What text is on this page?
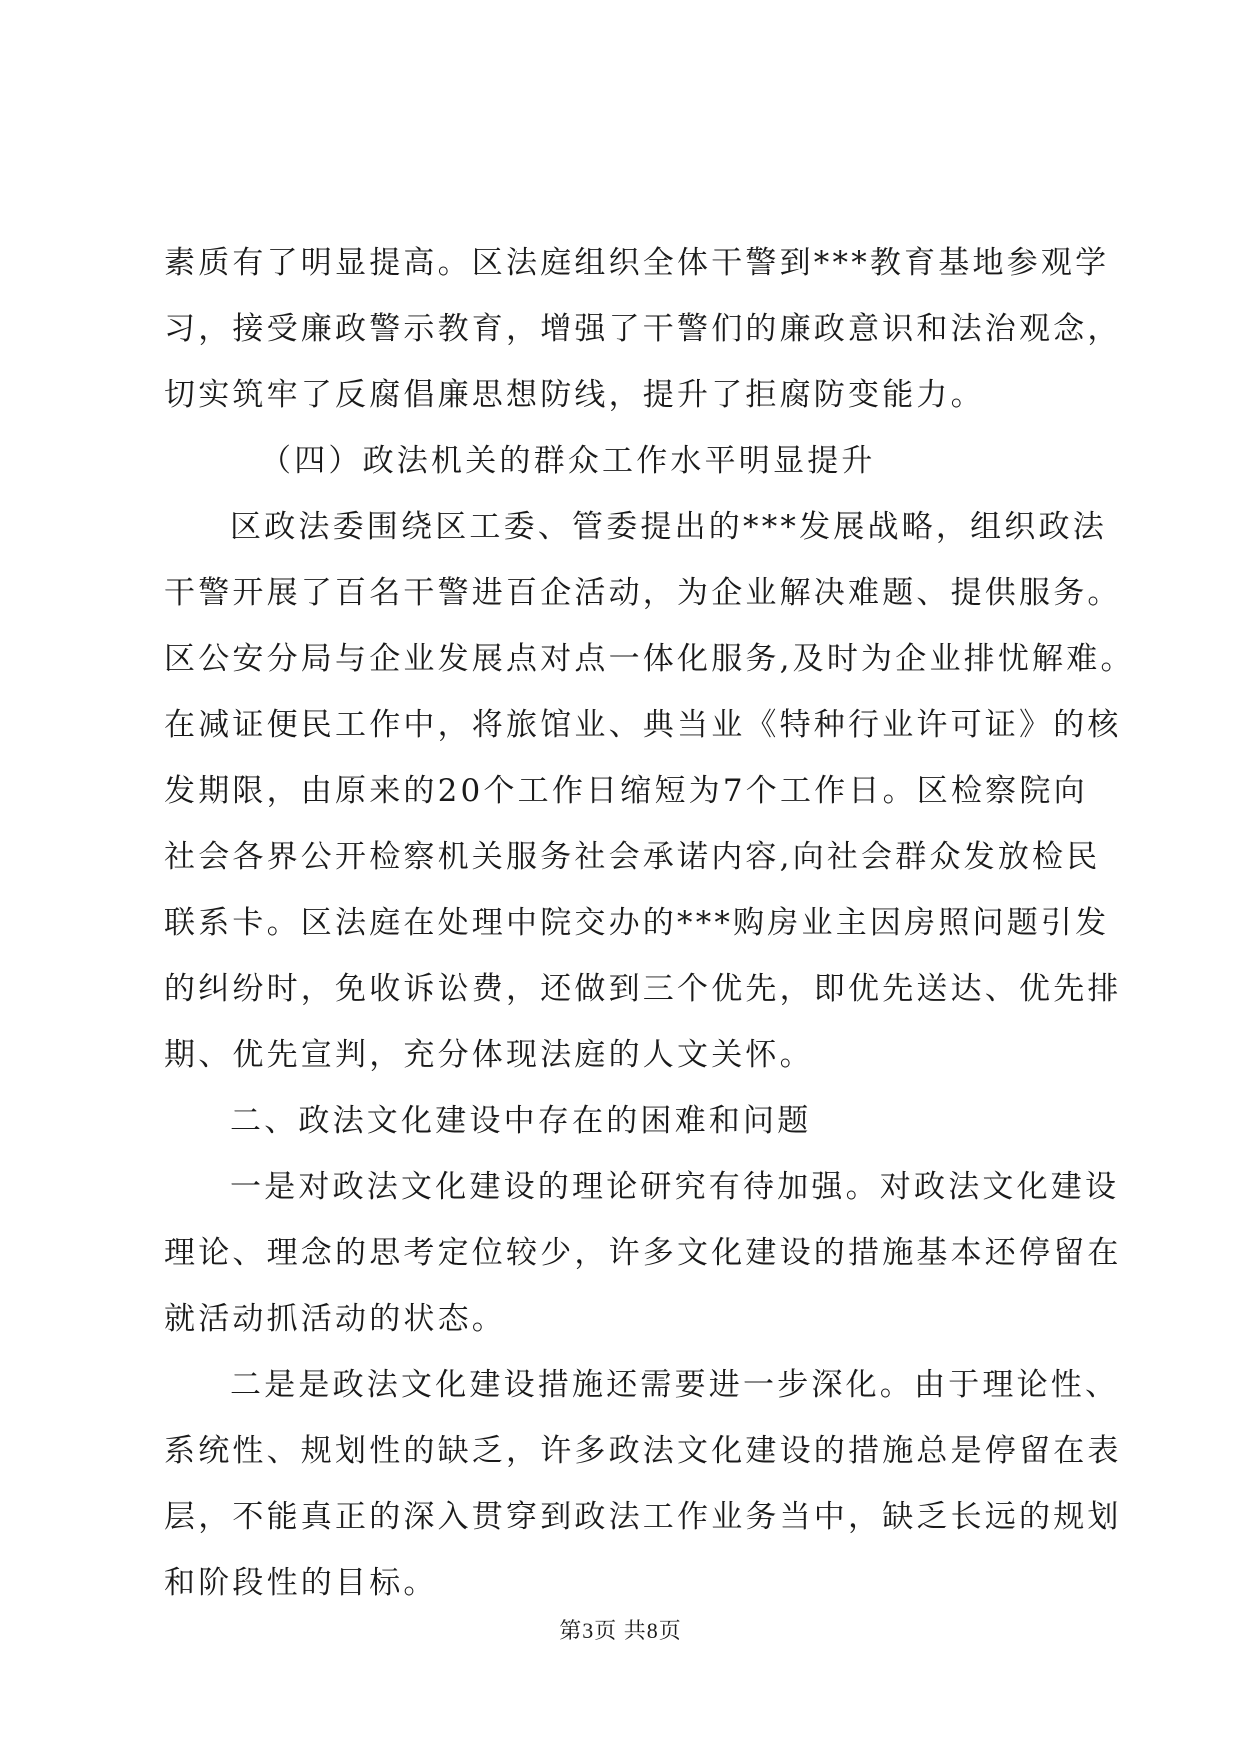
素质有了明显提高。区法庭组织全体干警到***教育基地参观学
习，接受廉政警示教育，增强了干警们的廉政意识和法治观念，
切实筑牢了反腐倡廉思想防线，提升了拒腐防变能力。
（四）政法机关的群众工作水平明显提升
区政法委围绕区工委、管委提出的***发展战略，组织政法
干警开展了百名干警进百企活动，为企业解决难题、提供服务。
区公安分局与企业发展点对点一体化服务,及时为企业排忧解难。
在减证便民工作中，将旅馆业、典当业《特种行业许可证》的核
发期限，由原来的20个工作日缩短为7个工作日。区检察院向
社会各界公开检察机关服务社会承诺内容,向社会群众发放检民
联系卡。区法庭在处理中院交办的***购房业主因房照问题引发
的纠纷时，免收诉讼费，还做到三个优先，即优先送达、优先排
期、优先宣判，充分体现法庭的人文关怀。
二、政法文化建设中存在的困难和问题
一是对政法文化建设的理论研究有待加强。对政法文化建设
理论、理念的思考定位较少，许多文化建设的措施基本还停留在
就活动抓活动的状态。
二是是政法文化建设措施还需要进一步深化。由于理论性、
系统性、规划性的缺乏，许多政法文化建设的措施总是停留在表
层，不能真正的深入贯穿到政法工作业务当中，缺乏长远的规划
和阶段性的目标。
第3页 共8页
